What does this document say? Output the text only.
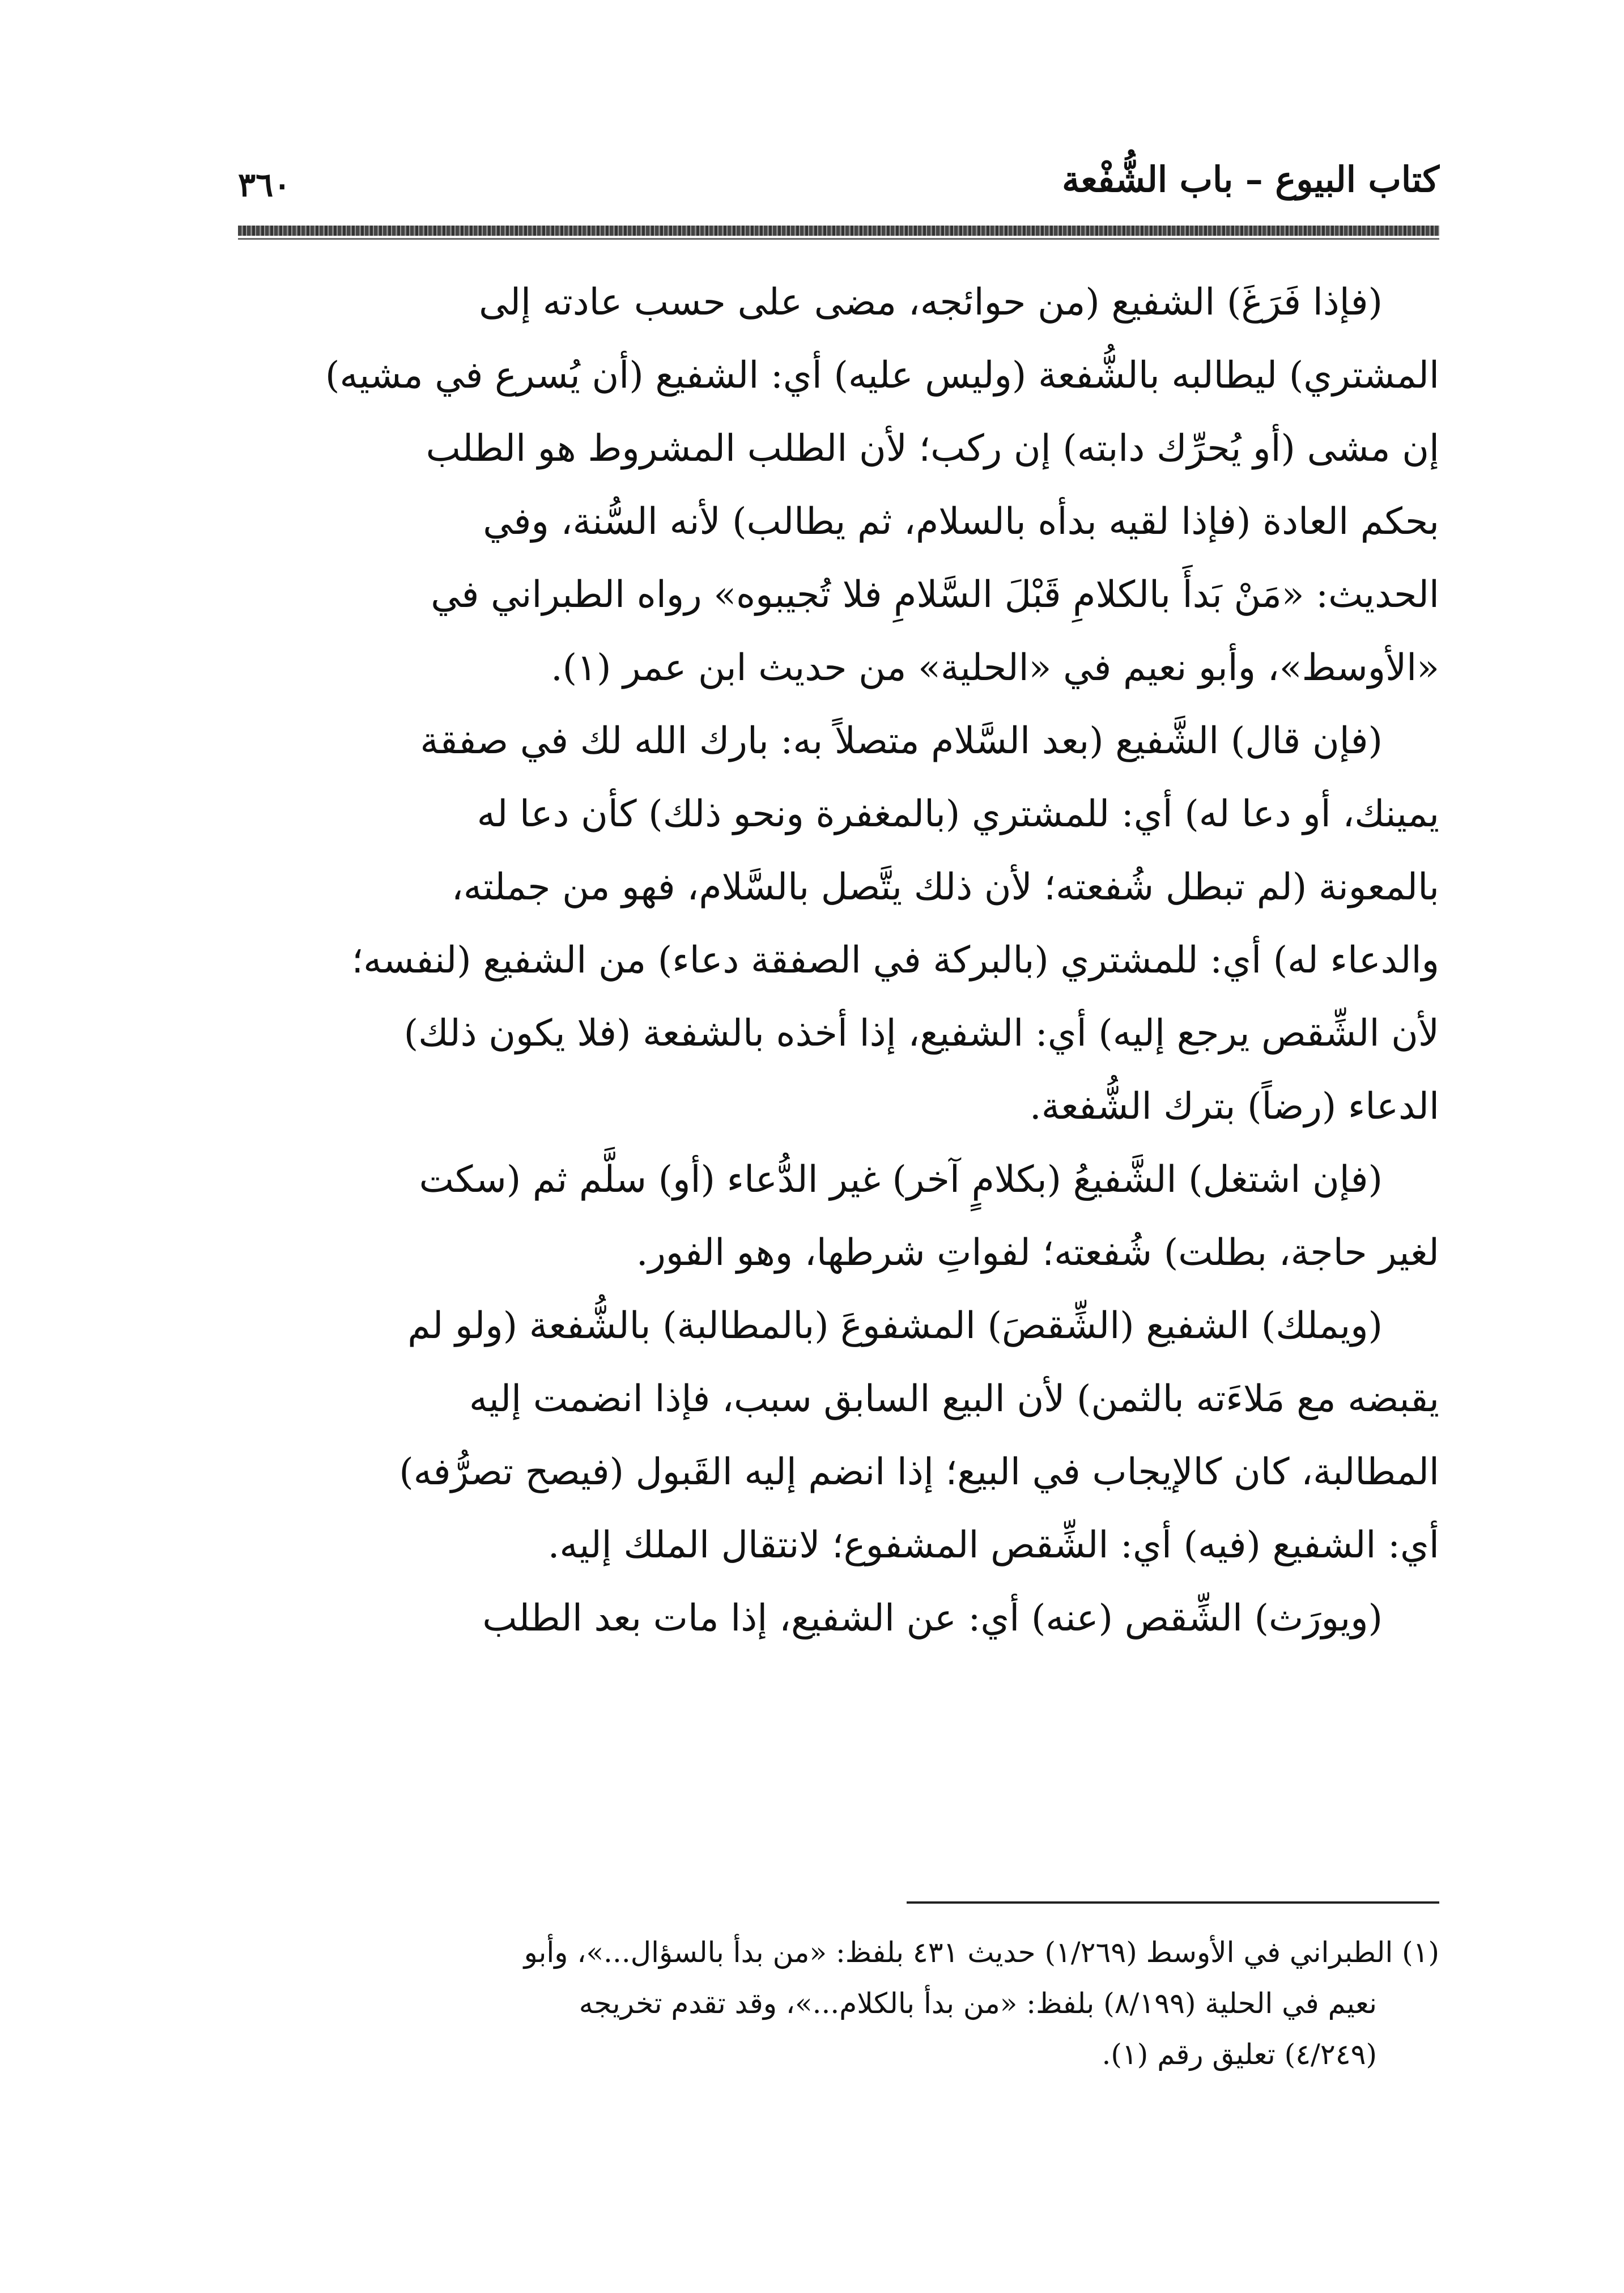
كتاب البيوع – باب الشُّفْعة
٣٦٠

(فإذا فَرَغَ) الشفيع (من حوائجه، مضى على حسب عادته إلى

المشتري) ليطالبه بالشُّفعة (وليس عليه) أي: الشفيع (أن يُسرع في مشيه)

إن مشى (أو يُحرِّك دابته) إن ركب؛ لأن الطلب المشروط هو الطلب

بحكم العادة (فإذا لقيه بدأه بالسلام، ثم يطالب) لأنه السُّنة، وفي

الحديث: «مَنْ بَدأَ بالكلامِ قَبْلَ السَّلامِ فلا تُجيبوه» رواه الطبراني في

«الأوسط»، وأبو نعيم في «الحلية» من حديث ابن عمر (١).

(فإن قال) الشَّفيع (بعد السَّلام متصلاً به: بارك الله لك في صفقة

يمينك، أو دعا له) أي: للمشتري (بالمغفرة ونحو ذلك) كأن دعا له

بالمعونة (لم تبطل شُفعته؛ لأن ذلك يتَّصل بالسَّلام، فهو من جملته،

والدعاء له) أي: للمشتري (بالبركة في الصفقة دعاء) من الشفيع (لنفسه؛

لأن الشِّقص يرجع إليه) أي: الشفيع، إذا أخذه بالشفعة (فلا يكون ذلك)

الدعاء (رضاً) بترك الشُّفعة.

(فإن اشتغل) الشَّفيعُ (بكلامٍ آخر) غير الدُّعاء (أو) سلَّم ثم (سكت

لغير حاجة، بطلت) شُفعته؛ لفواتِ شرطها، وهو الفور.

(ويملك) الشفيع (الشِّقصَ) المشفوعَ (بالمطالبة) بالشُّفعة (ولو لم

يقبضه مع مَلاءَته بالثمن) لأن البيع السابق سبب، فإذا انضمت إليه

المطالبة، كان كالإيجاب في البيع؛ إذا انضم إليه القَبول (فيصح تصرُّفه)

أي: الشفيع (فيه) أي: الشِّقص المشفوع؛ لانتقال الملك إليه.

(ويورَث) الشِّقص (عنه) أي: عن الشفيع، إذا مات بعد الطلب

(١) الطبراني في الأوسط (١/٢٦٩) حديث ٤٣١ بلفظ: «من بدأ بالسؤال...»، وأبو

نعيم في الحلية (٨/١٩٩) بلفظ: «من بدأ بالكلام...»، وقد تقدم تخريجه

(٤/٢٤٩) تعليق رقم (١).
